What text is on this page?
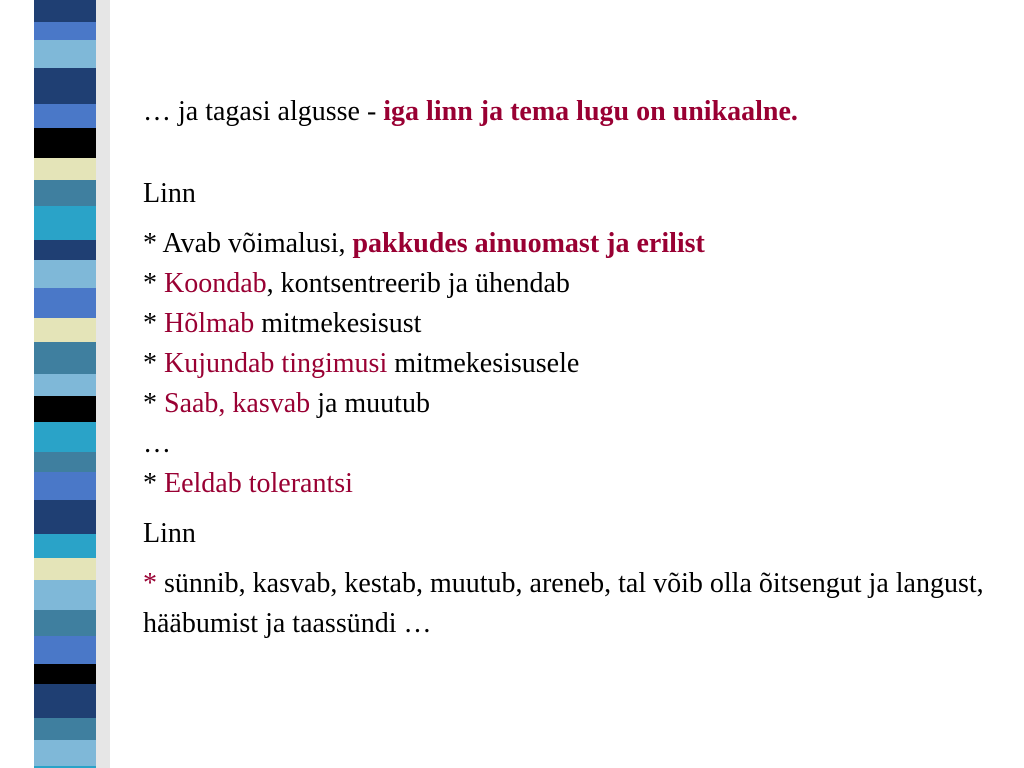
… ja tagasi algusse - iga linn ja tema lugu on unikaalne.
Linn
* Avab võimalusi, pakkudes ainuomast ja erilist
* Koondab, kontsentreerib ja ühendab
* Hõlmab mitmekesisust
* Kujundab tingimusi mitmekesisusele
* Saab, kasvab ja muutub
…
* Eeldab tolerantsi
Linn
* sünnib, kasvab, kestab, muutub, areneb, tal võib olla õitsengut ja langust, hääbumist ja taassündi …
